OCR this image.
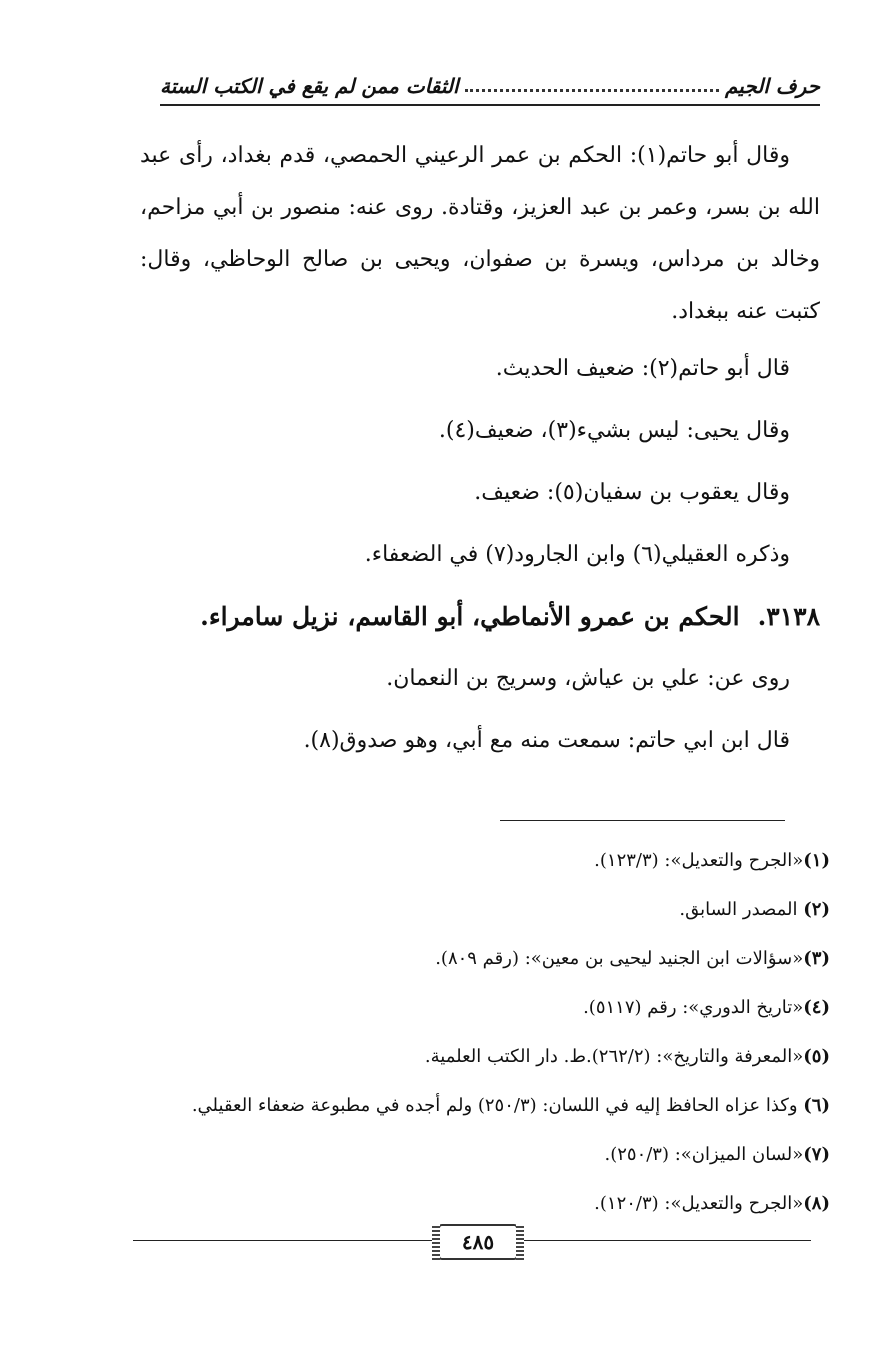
حرف الجيم
الثقات ممن لم يقع في الكتب الستة

وقال أبو حاتم(١): الحكم بن عمر الرعيني الحمصي، قدم بغداد، رأى عبد الله بن بسر، وعمر بن عبد العزيز، وقتادة. روى عنه: منصور بن أبي مزاحم، وخالد بن مرداس، ويسرة بن صفوان، ويحيى بن صالح الوحاظي، وقال: كتبت عنه ببغداد.

قال أبو حاتم(٢): ضعيف الحديث.

وقال يحيى: ليس بشيء(٣)، ضعيف(٤).

وقال يعقوب بن سفيان(٥): ضعيف.

وذكره العقيلي(٦) وابن الجارود(٧) في الضعفاء.

٣١٣٨.الحكم بن عمرو الأنماطي، أبو القاسم، نزيل سامراء.

روى عن: علي بن عياش، وسريج بن النعمان.

قال ابن ابي حاتم: سمعت منه مع أبي، وهو صدوق(٨).

(١)«الجرح والتعديل»: (١٢٣/٣).
(٢) المصدر السابق.
(٣)«سؤالات ابن الجنيد ليحيى بن معين»: (رقم ٨٠٩).
(٤)«تاريخ الدوري»: رقم (٥١١٧).
(٥)«المعرفة والتاريخ»: (٢٦٢/٢).ط. دار الكتب العلمية.
(٦) وكذا عزاه الحافظ إليه في اللسان: (٢٥٠/٣) ولم أجده في مطبوعة ضعفاء العقيلي.
(٧)«لسان الميزان»: (٢٥٠/٣).
(٨)«الجرح والتعديل»: (١٢٠/٣).
٤٨٥
